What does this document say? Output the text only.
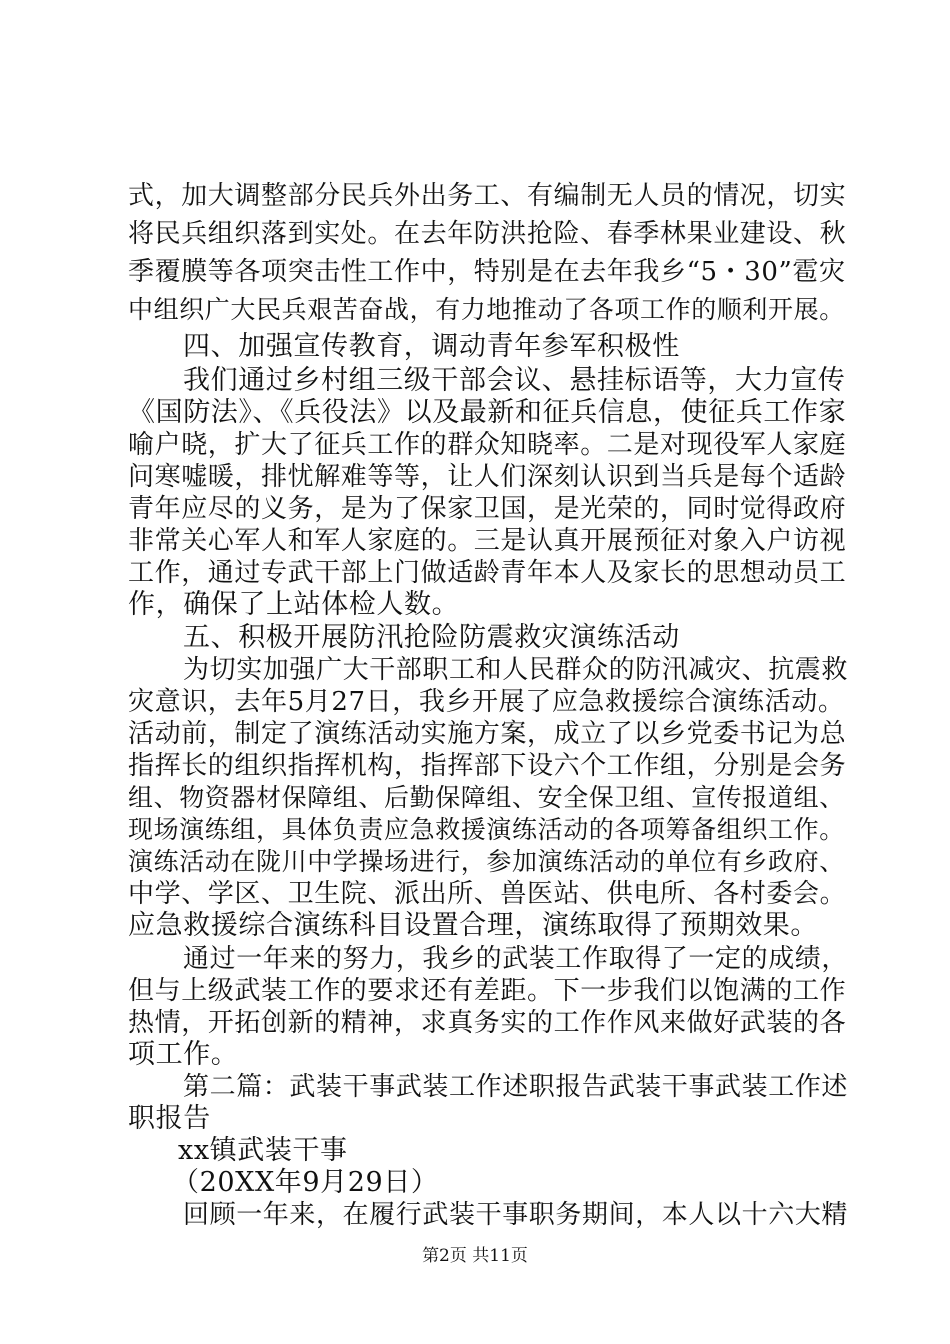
式，加大调整部分民兵外出务工、有编制无人员的情况，切实
将民兵组织落到实处。在去年防洪抢险、春季林果业建设、秋
季覆膜等各项突击性工作中，特别是在去年我乡“5・30”雹灾
中组织广大民兵艰苦奋战，有力地推动了各项工作的顺利开展。
四、加强宣传教育，调动青年参军积极性
我们通过乡村组三级干部会议、悬挂标语等，大力宣传
《国防法》、《兵役法》以及最新和征兵信息，使征兵工作家
喻户晓，扩大了征兵工作的群众知晓率。二是对现役军人家庭
问寒嘘暖，排忧解难等等，让人们深刻认识到当兵是每个适龄
青年应尽的义务，是为了保家卫国，是光荣的，同时觉得政府
非常关心军人和军人家庭的。三是认真开展预征对象入户访视
工作，通过专武干部上门做适龄青年本人及家长的思想动员工
作，确保了上站体检人数。
五、积极开展防汛抢险防震救灾演练活动
为切实加强广大干部职工和人民群众的防汛减灾、抗震救
灾意识，去年5月27日，我乡开展了应急救援综合演练活动。
活动前，制定了演练活动实施方案，成立了以乡党委书记为总
指挥长的组织指挥机构，指挥部下设六个工作组，分别是会务
组、物资器材保障组、后勤保障组、安全保卫组、宣传报道组、
现场演练组，具体负责应急救援演练活动的各项筹备组织工作。
演练活动在陇川中学操场进行，参加演练活动的单位有乡政府、
中学、学区、卫生院、派出所、兽医站、供电所、各村委会。
应急救援综合演练科目设置合理，演练取得了预期效果。
通过一年来的努力，我乡的武装工作取得了一定的成绩，
但与上级武装工作的要求还有差距。下一步我们以饱满的工作
热情，开拓创新的精神，求真务实的工作作风来做好武装的各
项工作。
第二篇：武装干事武装工作述职报告武装干事武装工作述
职报告
xx镇武装干事
（20XX年9月29日）
回顾一年来，在履行武装干事职务期间，本人以十六大精
第2页 共11页
